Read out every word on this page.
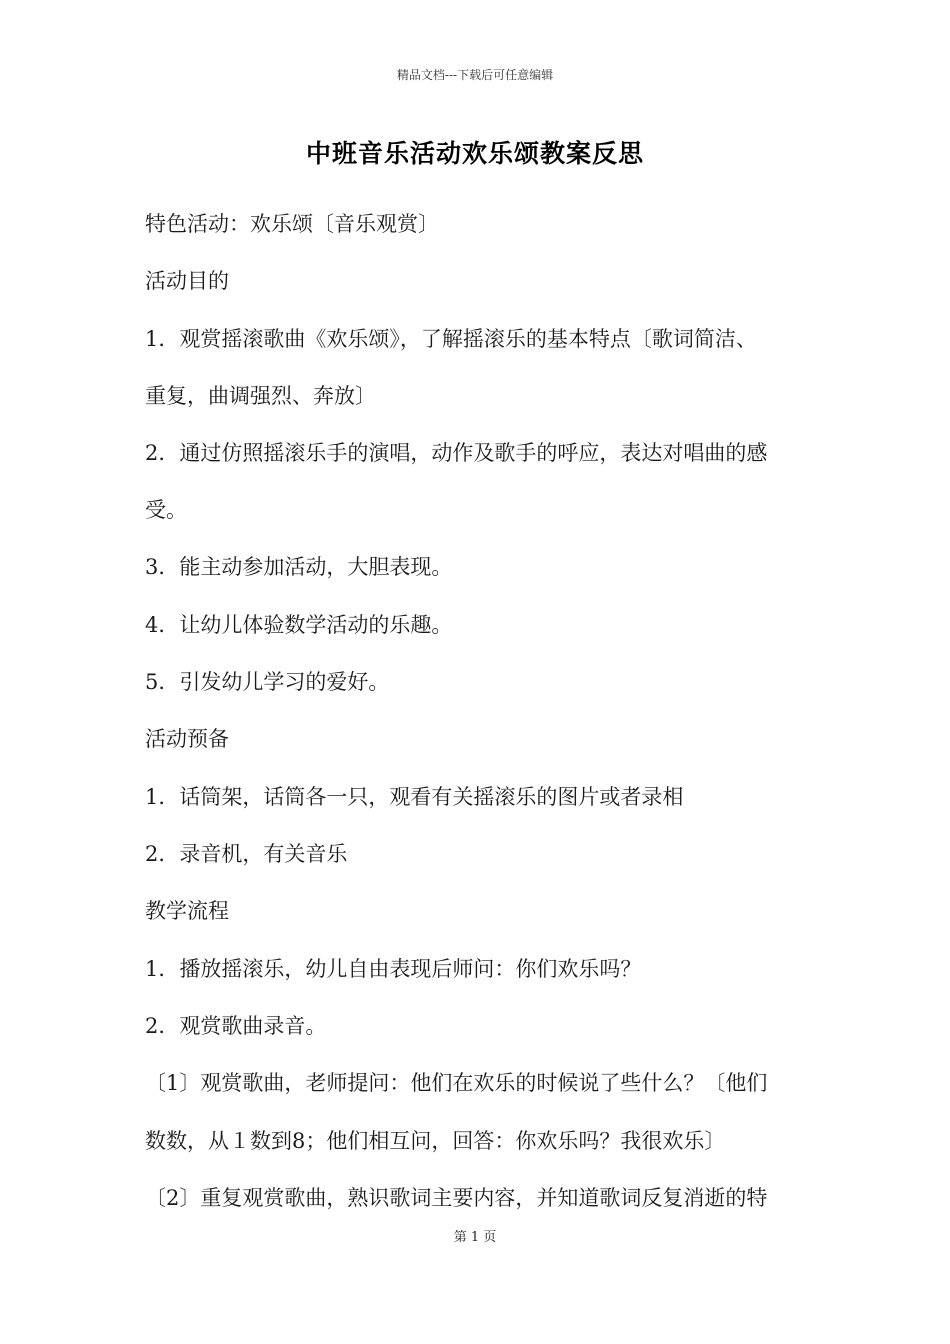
精品文档---下载后可任意编辑
中班音乐活动欢乐颂教案反思
特色活动：欢乐颂〔音乐观赏〕
活动目的
1．观赏摇滚歌曲《欢乐颂》，了解摇滚乐的基本特点〔歌词简洁、
重复，曲调强烈、奔放〕
2．通过仿照摇滚乐手的演唱，动作及歌手的呼应，表达对唱曲的感
受。
3．能主动参加活动，大胆表现。
4．让幼儿体验数学活动的乐趣。
5．引发幼儿学习的爱好。
活动预备
1．话筒架，话筒各一只，观看有关摇滚乐的图片或者录相
2．录音机，有关音乐
教学流程
1．播放摇滚乐，幼儿自由表现后师问：你们欢乐吗？
2．观赏歌曲录音。
〔1〕观赏歌曲，老师提问：他们在欢乐的时候说了些什么？〔他们
数数，从１数到8；他们相互问，回答：你欢乐吗？我很欢乐〕
〔2〕重复观赏歌曲，熟识歌词主要内容，并知道歌词反复消逝的特
第 1 页
